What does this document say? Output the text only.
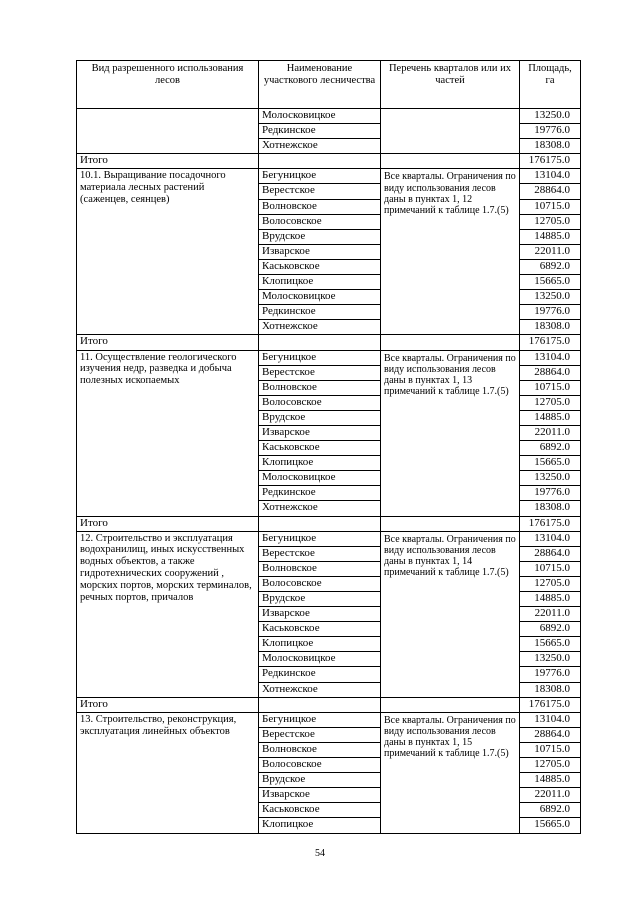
Вид разрешенного использования лесов	Наименование участкового лесничества	Перечень кварталов или их частей	Площадь, га
	Молосковицкое		13250.0
	Редкинское		19776.0
	Хотнежское		18308.0
Итого			176175.0
10.1. Выращивание посадочного материала лесных растений (саженцев, сеянцев)	Бегуницкое	Все кварталы. Ограничения по виду использования лесов даны в пунктах 1, 12 примечаний к таблице 1.7.(5)	13104.0
	Верестское		28864.0
	Волновское		10715.0
	Волосовское		12705.0
	Врудское		14885.0
	Изварское		22011.0
	Каськовское		6892.0
	Клопицкое		15665.0
	Молосковицкое		13250.0
	Редкинское		19776.0
	Хотнежское		18308.0
Итого			176175.0
11. Осуществление геологического изучения недр, разведка и добыча полезных ископаемых	Бегуницкое	Все кварталы. Ограничения по виду использования лесов даны в пунктах 1, 13 примечаний к таблице 1.7.(5)	13104.0
	Верестское		28864.0
	Волновское		10715.0
	Волосовское		12705.0
	Врудское		14885.0
	Изварское		22011.0
	Каськовское		6892.0
	Клопицкое		15665.0
	Молосковицкое		13250.0
	Редкинское		19776.0
	Хотнежское		18308.0
Итого			176175.0
12. Строительство и эксплуатация водохранилищ, иных искусственных водных объектов, а также гидротехнических сооружений , морских портов, морских терминалов, речных портов, причалов	Бегуницкое	Все кварталы. Ограничения по виду использования лесов даны в пунктах 1, 14 примечаний к таблице 1.7.(5)	13104.0
	Верестское		28864.0
	Волновское		10715.0
	Волосовское		12705.0
	Врудское		14885.0
	Изварское		22011.0
	Каськовское		6892.0
	Клопицкое		15665.0
	Молосковицкое		13250.0
	Редкинское		19776.0
	Хотнежское		18308.0
Итого			176175.0
13. Строительство, реконструкция, эксплуатация линейных объектов	Бегуницкое	Все кварталы. Ограничения по виду использования лесов даны в пунктах 1, 15 примечаний к таблице 1.7.(5)	13104.0
	Верестское		28864.0
	Волновское		10715.0
	Волосовское		12705.0
	Врудское		14885.0
	Изварское		22011.0
	Каськовское		6892.0
	Клопицкое		15665.0
54
